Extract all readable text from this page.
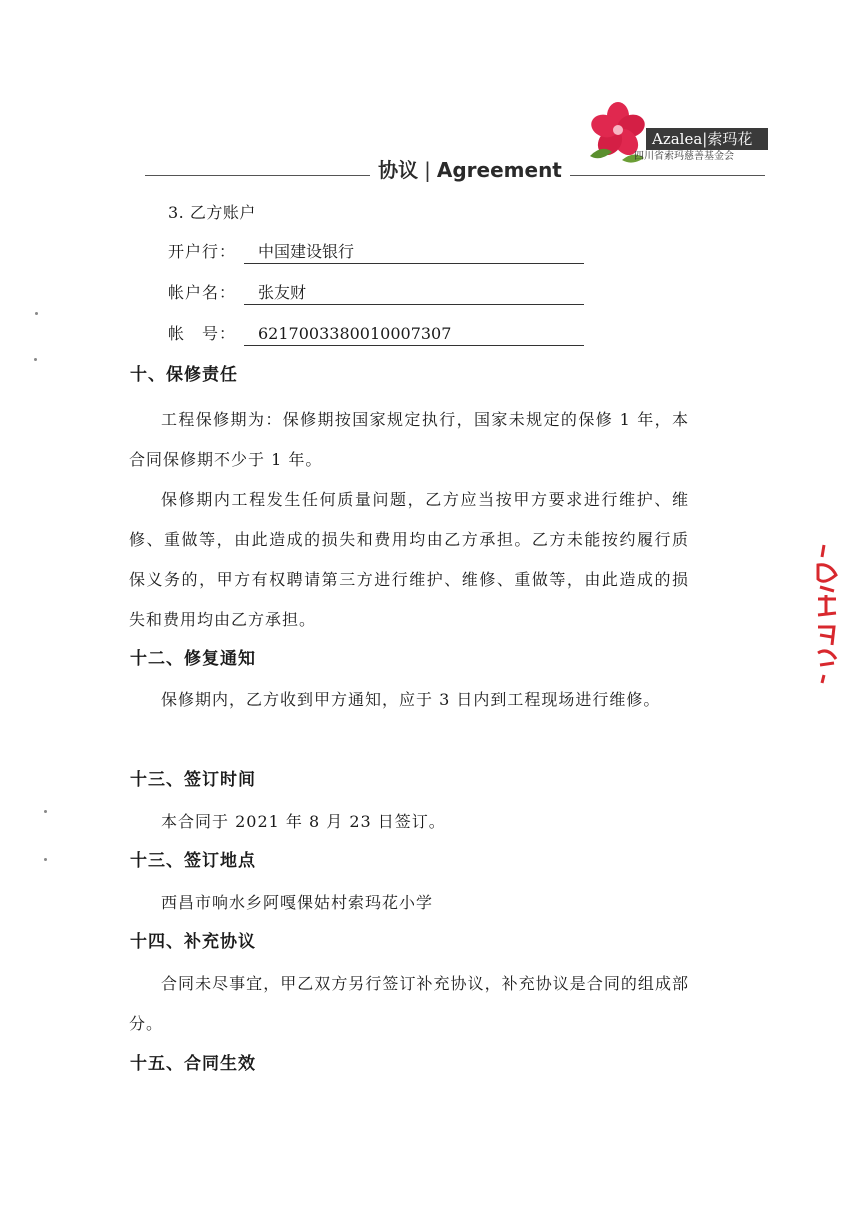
协议 | Agreement
Azalea|索玛花
四川省索玛慈善基金会
3. 乙方账户
开户行：	中国建设银行
帐户名：	张友财
帐　号：	6217003380010007307
十、保修责任
工程保修期为：保修期按国家规定执行，国家未规定的保修 1 年，本合同保修期不少于 1 年。
保修期内工程发生任何质量问题，乙方应当按甲方要求进行维护、维修、重做等，由此造成的损失和费用均由乙方承担。乙方未能按约履行质保义务的，甲方有权聘请第三方进行维护、维修、重做等，由此造成的损失和费用均由乙方承担。
十二、修复通知
保修期内，乙方收到甲方通知，应于 3 日内到工程现场进行维修。
十三、签订时间
本合同于 2021 年 8 月 23 日签订。
十三、签订地点
西昌市响水乡阿嘎倮姑村索玛花小学
十四、补充协议
合同未尽事宜，甲乙双方另行签订补充协议，补充协议是合同的组成部分。
十五、合同生效
